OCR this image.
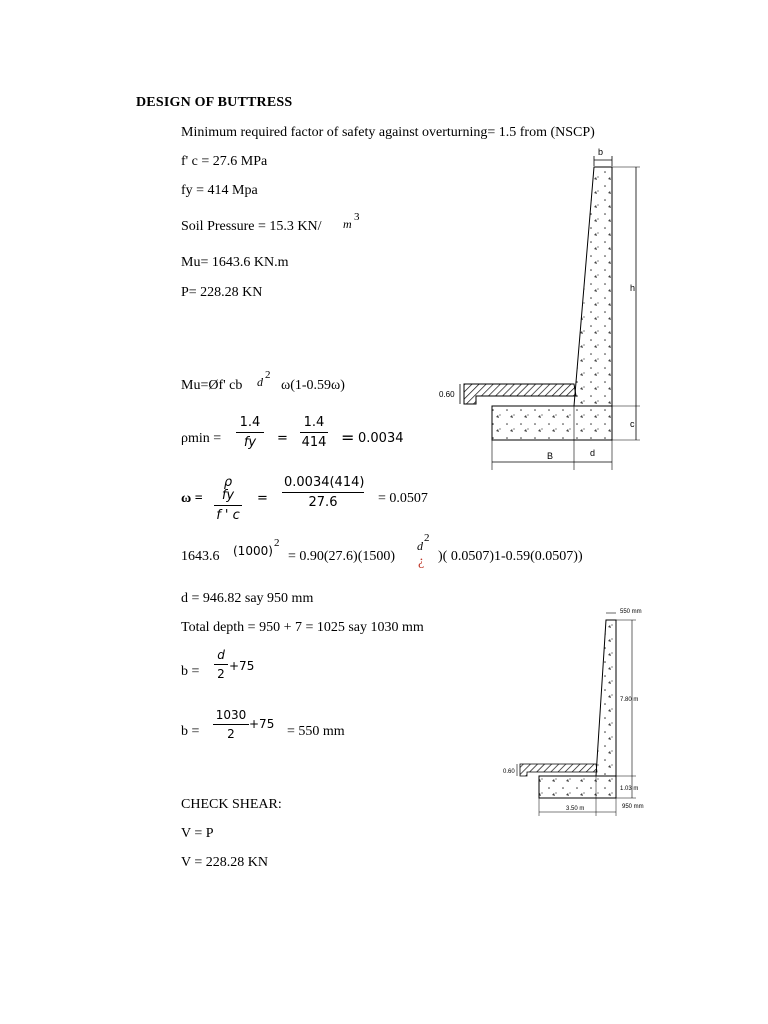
DESIGN OF BUTTRESS
Minimum required factor of safety against overturning= 1.5 from (NSCP)
f' c = 27.6 MPa
fy = 414 Mpa
Soil Pressure = 15.3 KN/ m 3
Mu= 1643.6 KN.m
P= 228.28 KN
Mu=Øf' cb d 2
ω(1-0.59ω)
ρmin =
1.4
fy	=
1.4
414 = 0.0034
ω =
ρ fy
f ' c
=
0.0034(414)
27.6	= 0.0507
1643.6 (1000)
2
= 0.90(27.6)(1500)
d
2
¿ )( 0.0507)1-0.59(0.0507))
d = 946.82 say 950 mm
Total depth = 950 + 7 = 1025 say 1030 mm
b =
d
2
+75
b =
1030
2
+75 = 550 mm
CHECK SHEAR:
V = P
V = 228.28 KN
b
h
c
0.60
B	d
550 mm
7.80 m
1.03 m
0.60
3.50 m	950 mm
